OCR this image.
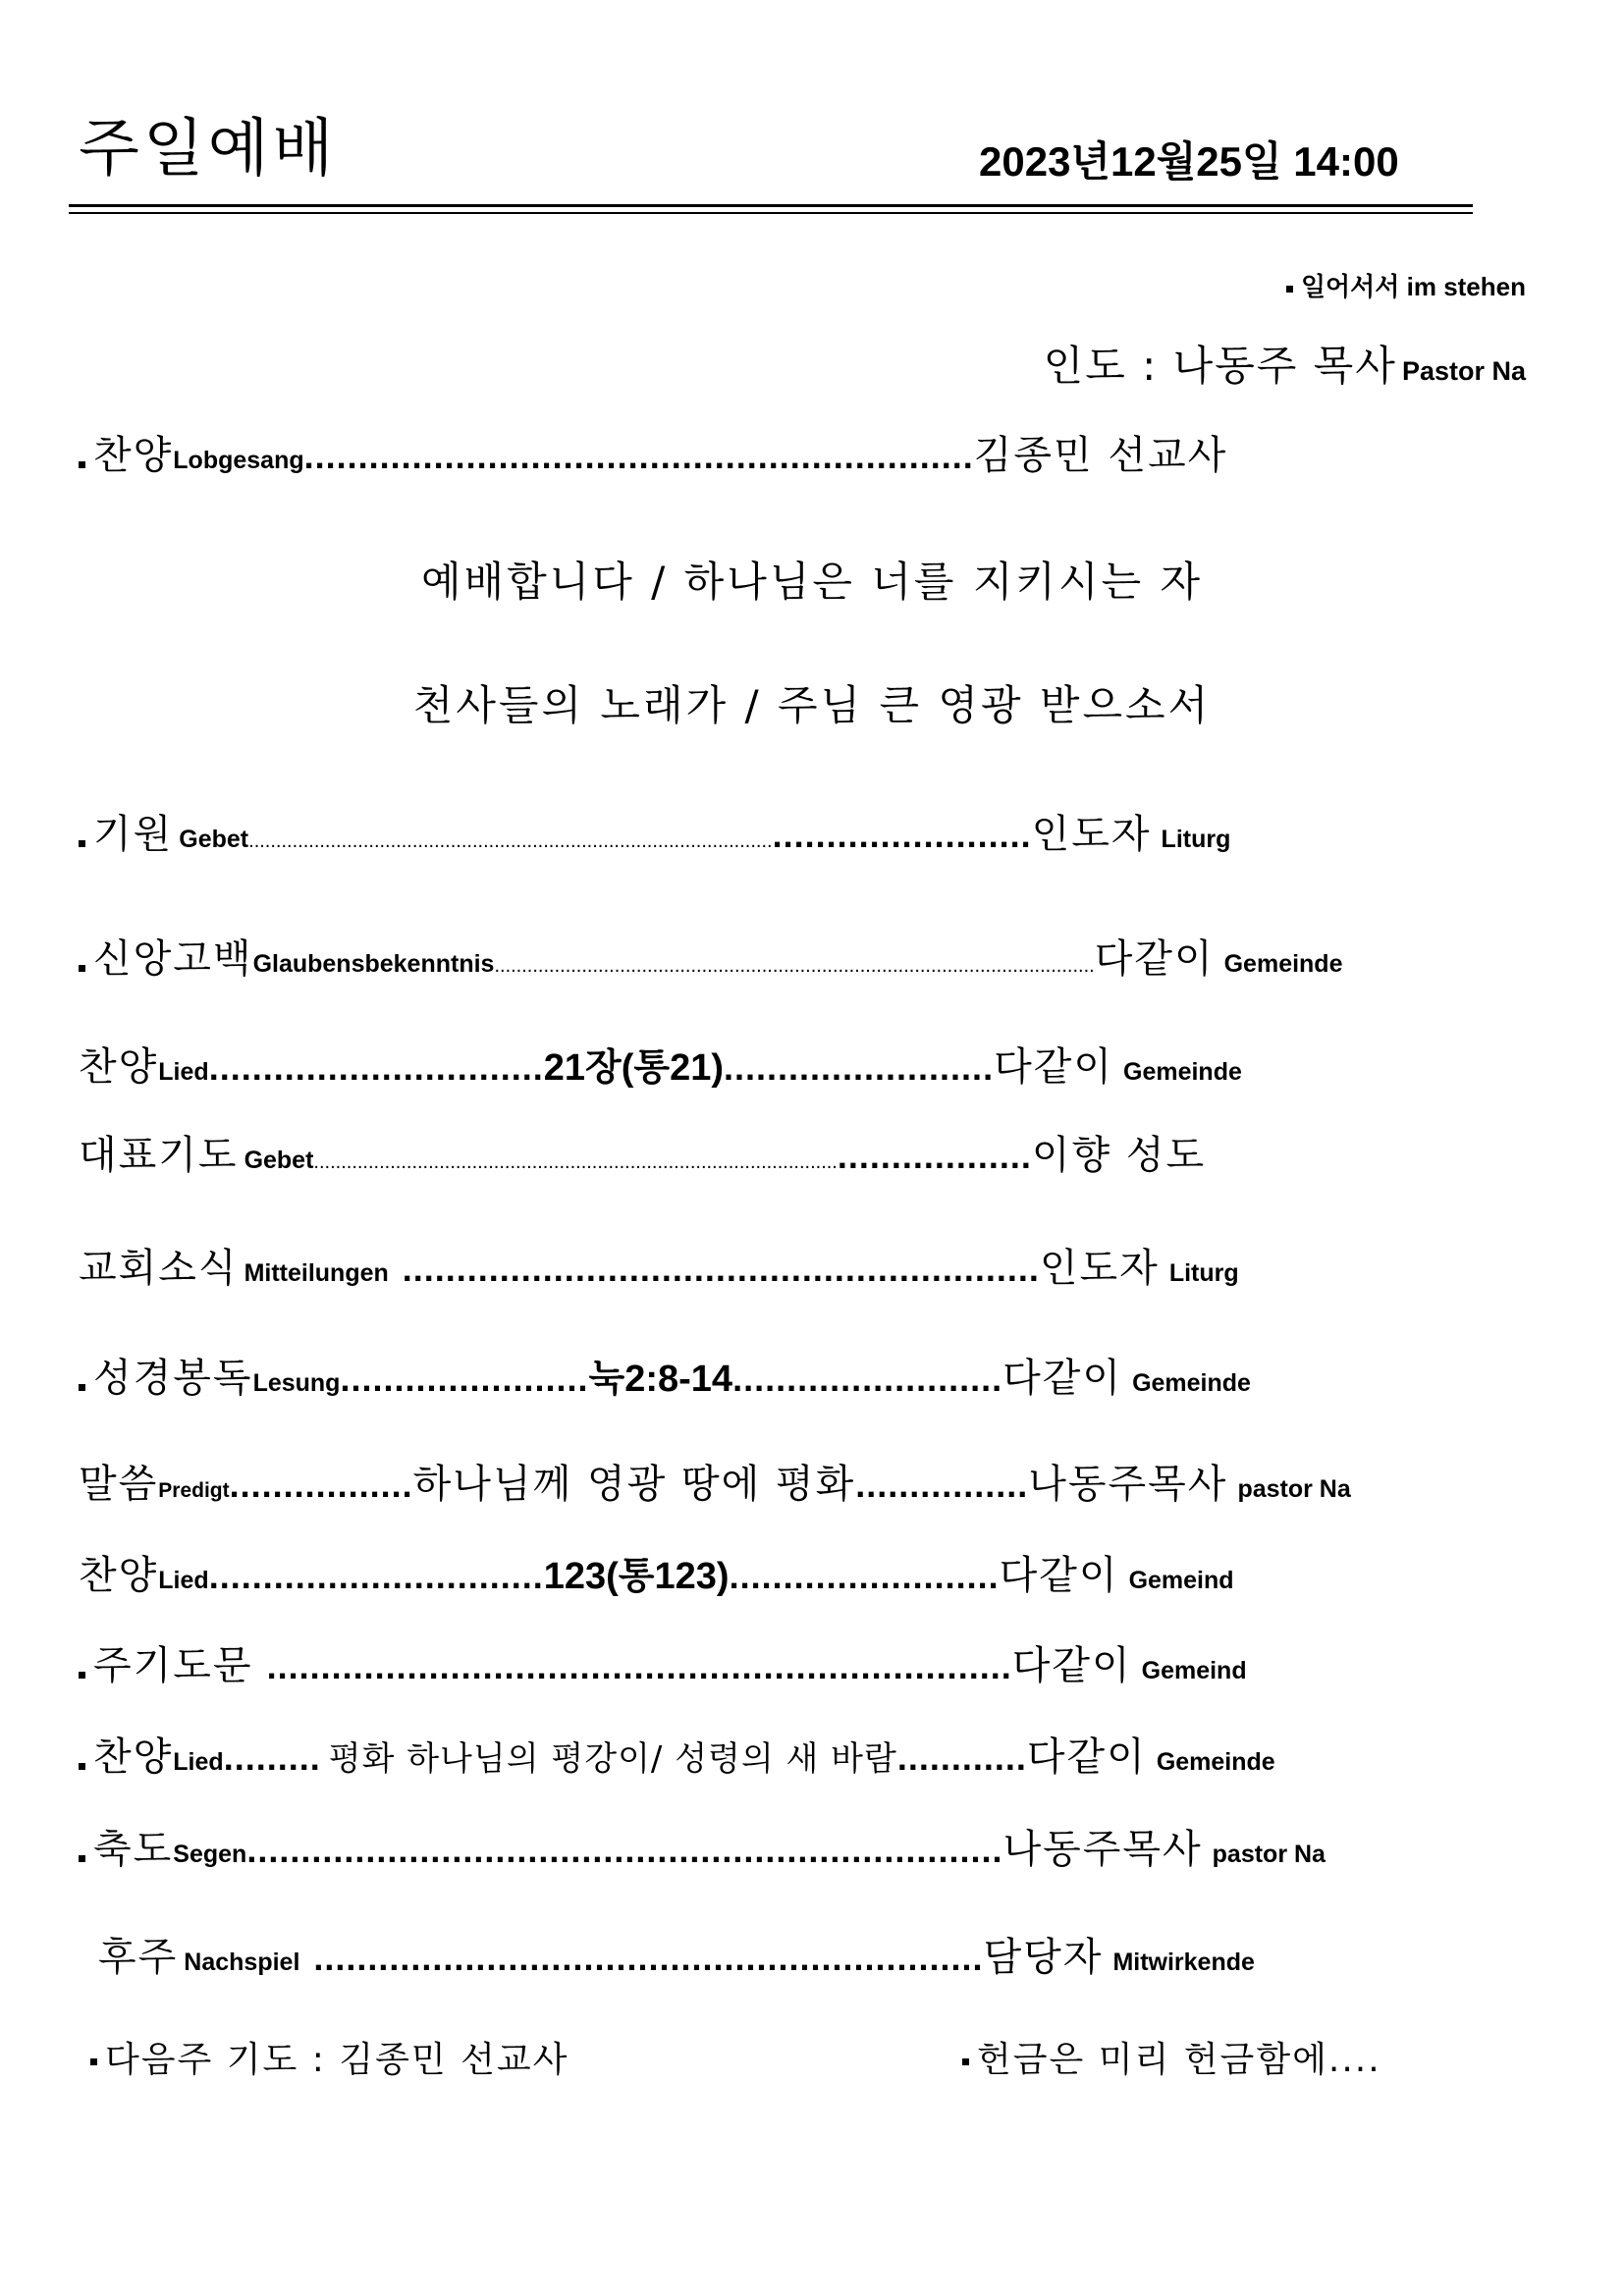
주일예배	2023년12월25일 14:00
일어서서 im stehen
인도 : 나동주 목사 Pastor Na
찬양 Lobgesang .............................................................. 김종민 선교사
예배합니다 / 하나님은 너를 지키시는 자
천사들의 노래가 / 주님 큰 영광 받으소서
기원 Gebet ................................................................................................ ........................ 인도자 Liturg
신앙고백 Glaubensbekenntnis .............................................................................................................. 다같이 Gemeinde
찬양 Lied ............................... 21장(통21) ......................... 다같이 Gemeinde
대표기도 Gebet ................................................................................................ .................. 이향 성도
교회소식 Mitteilungen ........................................................... 인도자 Liturg
성경봉독 Lesung ....................... 눅2:8-14 ......................... 다같이 Gemeinde
말씀 Predigt ................. 하나님께 영광 땅에 평화 ................ 나동주목사 pastor Na
찬양 Lied ............................... 123(통123) ......................... 다같이 Gemeind
주기도문 ..................................................................... 다같이 Gemeind
찬양 Lied ......... 평화 하나님의 평강이/ 성령의 새 바람 ............ 다같이 Gemeinde
축도 Segen ...................................................................... 나동주목사 pastor Na
후주 Nachspiel .............................................................. 담당자 Mitwirkende
다음주 기도 : 김종민 선교사	헌금은 미리 헌금함에....
